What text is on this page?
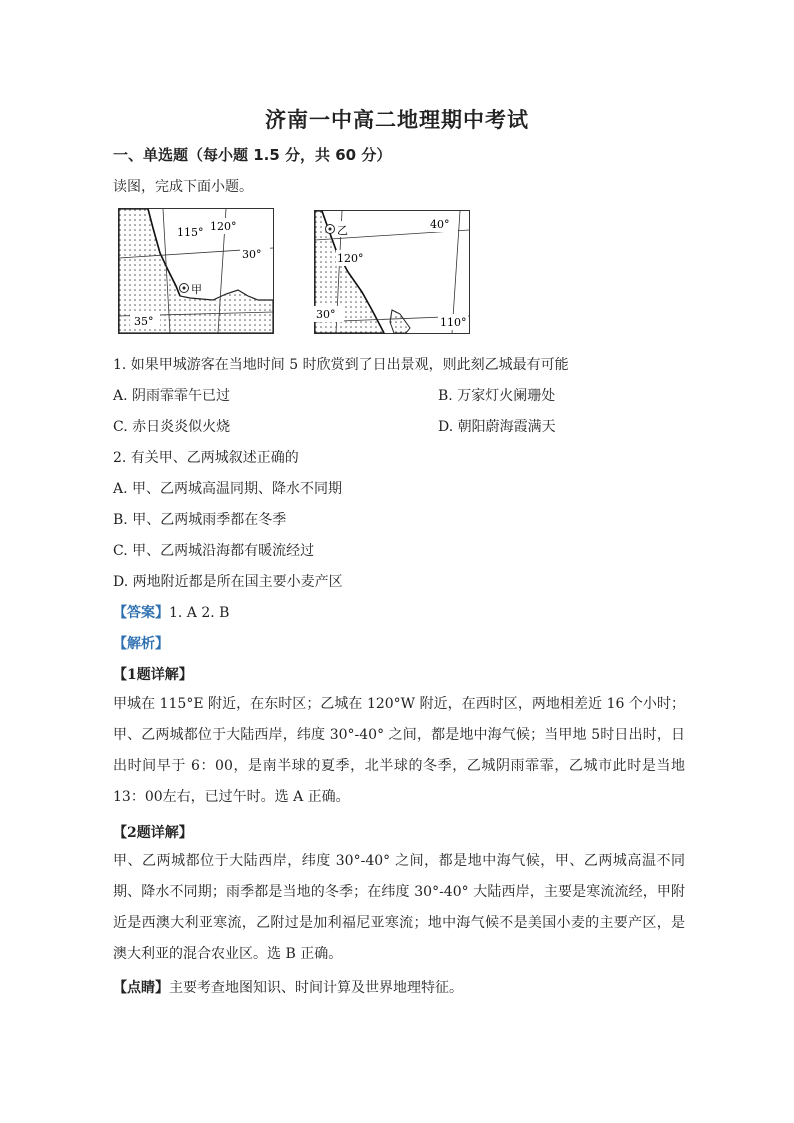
济南一中高二地理期中考试
一、单选题（每小题 1.5 分，共 60 分）
读图，完成下面小题。
115° 120°
30°
35°
甲
乙	40°
120°
30°
110°
1. 如果甲城游客在当地时间 5 时欣赏到了日出景观，则此刻乙城最有可能
A. 阴雨霏霏午已过	B. 万家灯火阑珊处
C. 赤日炎炎似火烧	D. 朝阳蔚海霞满天
2. 有关甲、乙两城叙述正确的
A. 甲、乙两城高温同期、降水不同期
B. 甲、乙两城雨季都在冬季
C. 甲、乙两城沿海都有暖流经过
D. 两地附近都是所在国主要小麦产区
【答案】1. A 2. B
【解析】
【1题详解】
甲城在 115°E 附近，在东时区；乙城在 120°W 附近，在西时区，两地相差近 16 个小时；甲、乙两城都位于大陆西岸，纬度 30°-40° 之间，都是地中海气候；当甲地 5时日出时，日出时间早于 6：00，是南半球的夏季，北半球的冬季，乙城阴雨霏霏，乙城市此时是当地 13：00左右，已过午时。选 A 正确。
【2题详解】
甲、乙两城都位于大陆西岸，纬度 30°-40° 之间，都是地中海气候，甲、乙两城高温不同期、降水不同期；雨季都是当地的冬季；在纬度 30°-40° 大陆西岸，主要是寒流流经，甲附近是西澳大利亚寒流，乙附过是加利福尼亚寒流；地中海气候不是美国小麦的主要产区，是澳大利亚的混合农业区。选 B 正确。
【点睛】主要考查地图知识、时间计算及世界地理特征。
